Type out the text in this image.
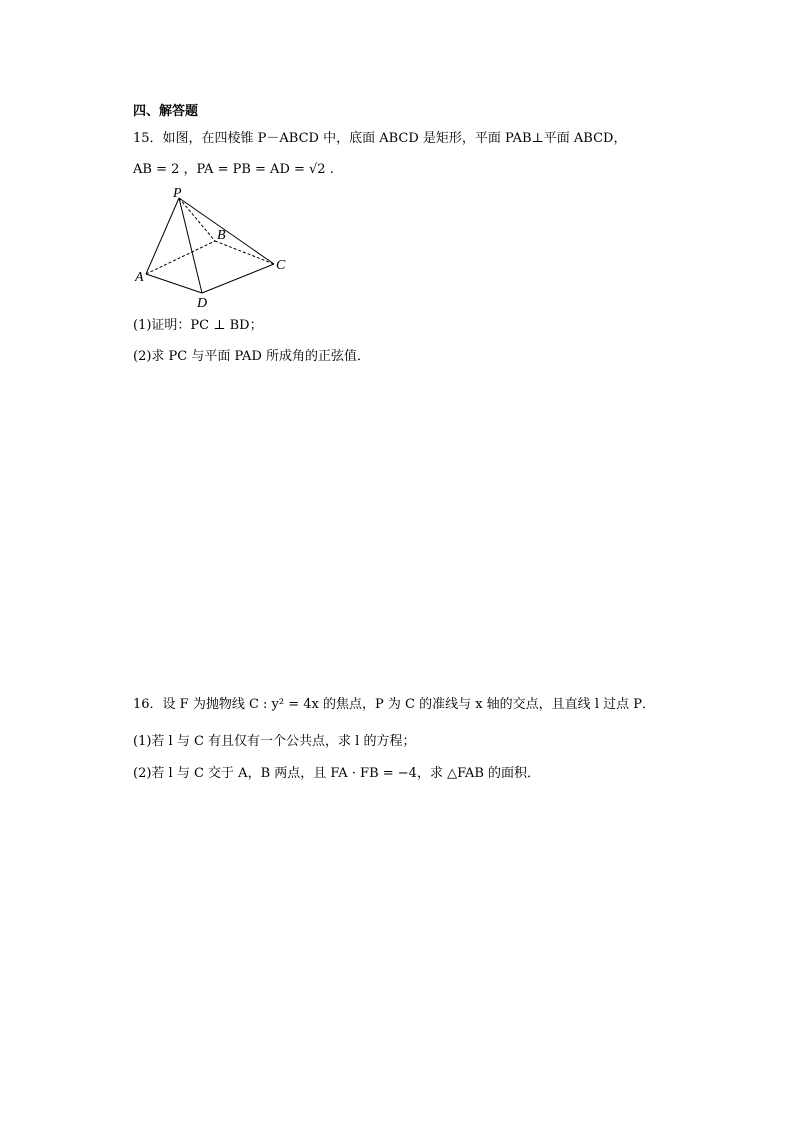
四、解答题
15．如图，在四棱锥 P－ABCD 中，底面 ABCD 是矩形，平面 PAB⊥平面 ABCD，
AB = 2 ，PA = PB = AD = √2 .
P
A
B
C
D
(1)证明：PC ⊥ BD；
(2)求 PC 与平面 PAD 所成角的正弦值．
16．设 F 为抛物线 C : y² = 4x 的焦点，P 为 C 的准线与 x 轴的交点，且直线 l 过点 P．
(1)若 l 与 C 有且仅有一个公共点，求 l 的方程；
(2)若 l 与 C 交于 A，B 两点，且 FA · FB = −4，求 △FAB 的面积．
